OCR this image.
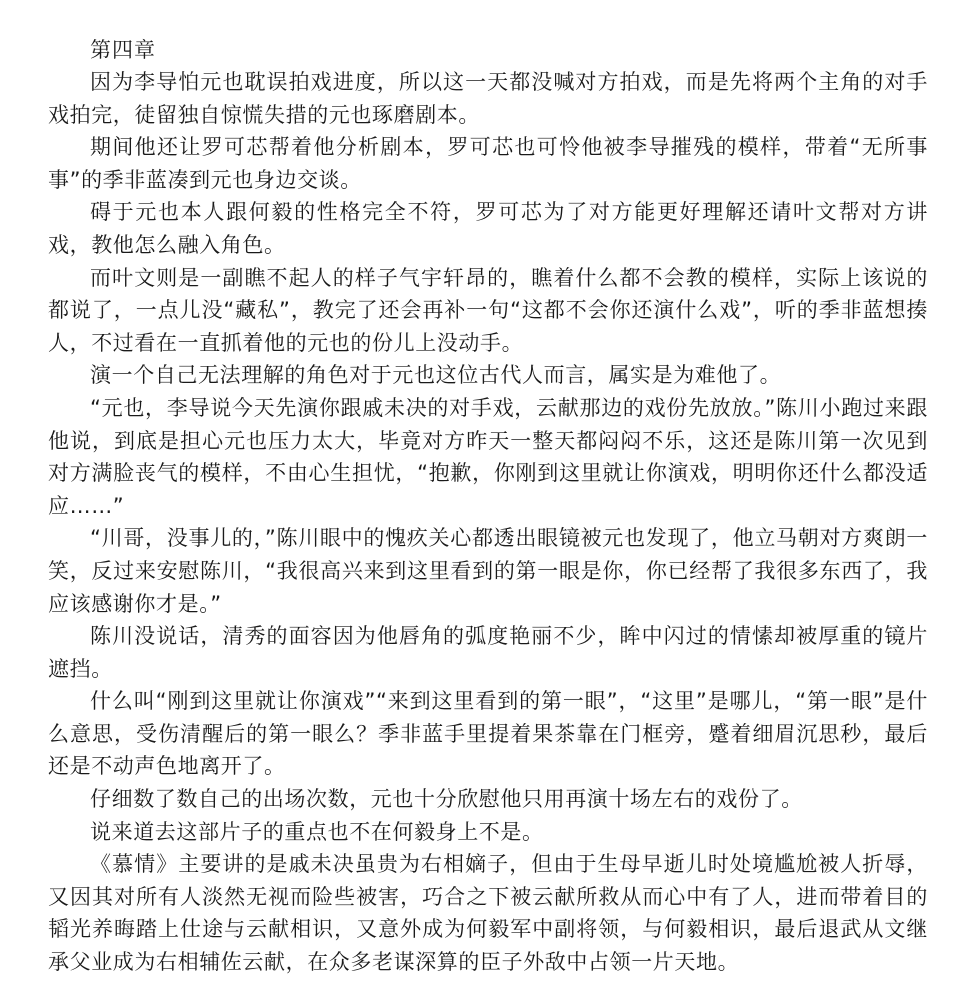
第四章

因为李导怕元也耽误拍戏进度，所以这一天都没喊对方拍戏，而是先将两个主角的对手戏拍完，徒留独自惊慌失措的元也琢磨剧本。

期间他还让罗可芯帮着他分析剧本，罗可芯也可怜他被李导摧残的模样，带着“无所事事”的季非蓝凑到元也身边交谈。

碍于元也本人跟何毅的性格完全不符，罗可芯为了对方能更好理解还请叶文帮对方讲戏，教他怎么融入角色。

而叶文则是一副瞧不起人的样子气宇轩昂的，瞧着什么都不会教的模样，实际上该说的都说了，一点儿没“藏私”，教完了还会再补一句“这都不会你还演什么戏”，听的季非蓝想揍人，不过看在一直抓着他的元也的份儿上没动手。

演一个自己无法理解的角色对于元也这位古代人而言，属实是为难他了。

“元也，李导说今天先演你跟戚未决的对手戏，云献那边的戏份先放放。”陈川小跑过来跟他说，到底是担心元也压力太大，毕竟对方昨天一整天都闷闷不乐，这还是陈川第一次见到对方满脸丧气的模样，不由心生担忧，“抱歉，你刚到这里就让你演戏，明明你还什么都没适应……”

“川哥，没事儿的，”陈川眼中的愧疚关心都透出眼镜被元也发现了，他立马朝对方爽朗一笑，反过来安慰陈川，“我很高兴来到这里看到的第一眼是你，你已经帮了我很多东西了，我应该感谢你才是。”

陈川没说话，清秀的面容因为他唇角的弧度艳丽不少，眸中闪过的情愫却被厚重的镜片遮挡。

什么叫“刚到这里就让你演戏”“来到这里看到的第一眼”，“这里”是哪儿，“第一眼”是什么意思，受伤清醒后的第一眼么？季非蓝手里提着果茶靠在门框旁，蹙着细眉沉思秒，最后还是不动声色地离开了。

仔细数了数自己的出场次数，元也十分欣慰他只用再演十场左右的戏份了。

说来道去这部片子的重点也不在何毅身上不是。

《慕情》主要讲的是戚未决虽贵为右相嫡子，但由于生母早逝儿时处境尴尬被人折辱，又因其对所有人淡然无视而险些被害，巧合之下被云献所救从而心中有了人，进而带着目的韬光养晦踏上仕途与云献相识，又意外成为何毅军中副将领，与何毅相识，最后退武从文继承父业成为右相辅佐云献，在众多老谋深算的臣子外敌中占领一片天地。
